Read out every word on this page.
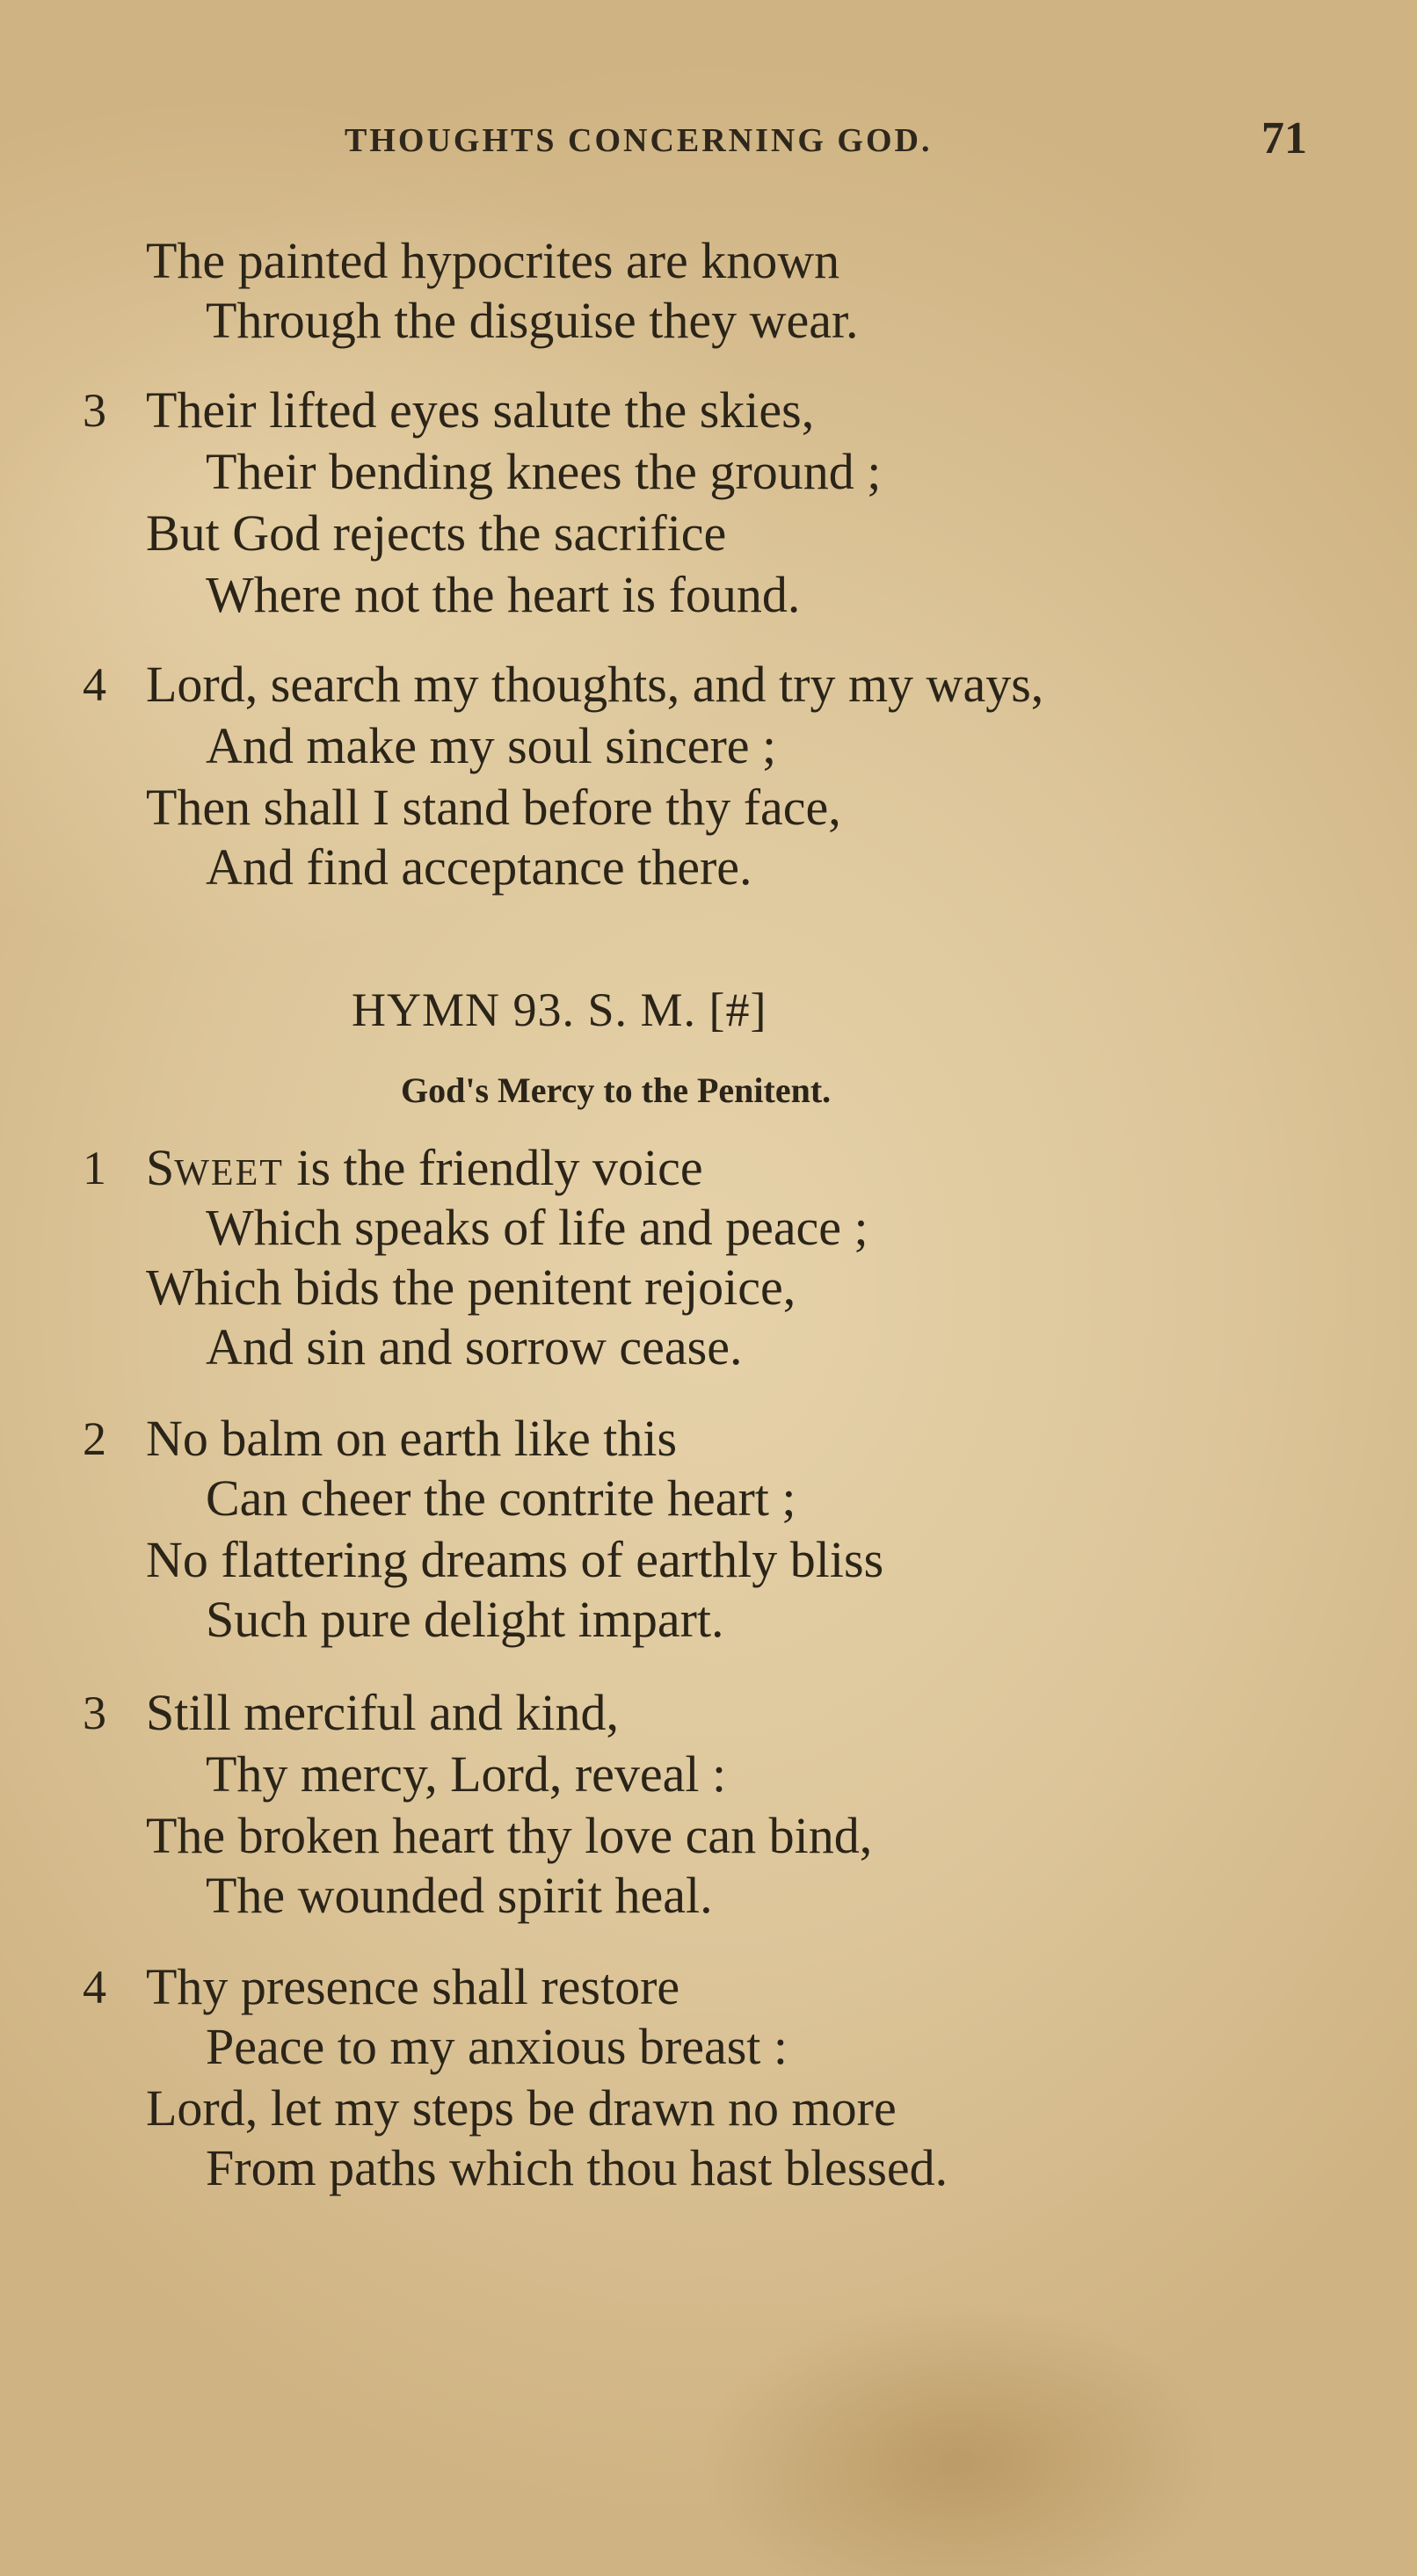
THOUGHTS CONCERNING GOD.	71
The painted hypocrites are known
Through the disguise they wear.
3 Their lifted eyes salute the skies,
Their bending knees the ground ;
But God rejects the sacrifice
Where not the heart is found.
4 Lord, search my thoughts, and try my ways,
And make my soul sincere ;
Then shall I stand before thy face,
And find acceptance there.
HYMN 93. S. M. [#]
God's Mercy to the Penitent.
1 SWEET is the friendly voice
Which speaks of life and peace ;
Which bids the penitent rejoice,
And sin and sorrow cease.
2 No balm on earth like this
Can cheer the contrite heart ;
No flattering dreams of earthly bliss
Such pure delight impart.
3 Still merciful and kind,
Thy mercy, Lord, reveal :
The broken heart thy love can bind,
The wounded spirit heal.
4 Thy presence shall restore
Peace to my anxious breast :
Lord, let my steps be drawn no more
From paths which thou hast blessed.
